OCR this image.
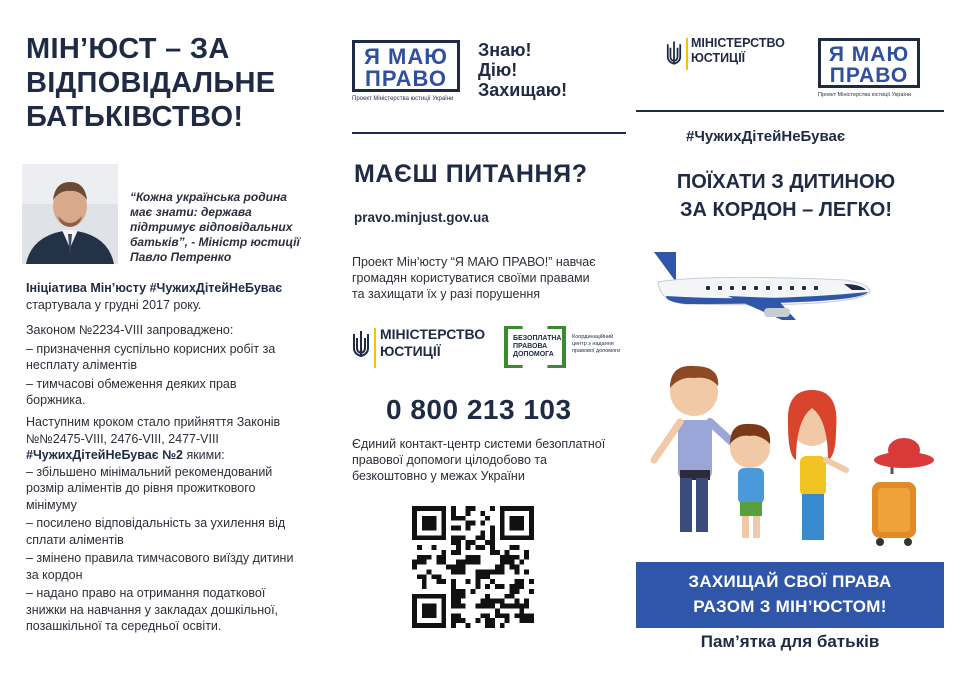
МІН’ЮСТ – ЗА
ВІДПОВІДАЛЬНЕ
БАТЬКІВСТВО!
“Кожна українська родина
має знати: держава
підтримує відповідальних
батьків”, - Міністр юстиції
Павло Петренко
Ініціатива Мін’юсту #ЧужихДітейНеБуває
стартувала у грудні 2017 року.
Законом №2234-VIII запроваджено:
– призначення суспільно корисних робіт за
несплату аліментів
– тимчасові обмеження деяких прав
боржника.
Наступним кроком стало прийняття Законів
№№2475-VIII, 2476-VIII, 2477-VIII
#ЧужихДітейНеБуває №2 якими:
– збільшено мінімальний рекомендований
розмір аліментів до рівня прожиткового
мінімуму
– посилено відповідальність за ухилення від
сплати аліментів
– змінено правила тимчасового виїзду дитини
за кордон
– надано право на отримання податкової
знижки на навчання у закладах дошкільної,
позашкільної та середньої освіти.
Я МАЮ
ПРАВО
Проект Міністерства юстиції України
Знаю!
Дію!
Захищаю!
МАЄШ ПИТАННЯ?
pravo.minjust.gov.ua
Проект Мін’юсту “Я МАЮ ПРАВО!” навчає
громадян користуватися своїми правами
та захищати їх у разі порушення
МІНІСТЕРСТВО
ЮСТИЦІЇ
БЕЗОПЛАТНА
ПРАВОВА
ДОПОМОГА
Координаційний
центр з надання
правової допомоги
0 800 213 103
Єдиний контакт-центр системи безоплатної
правової допомоги цілодобово та
безкоштовно у межах України
МІНІСТЕРСТВО
ЮСТИЦІЇ	Я МАЮ
ПРАВО
Проект Міністерства юстиції України
#ЧужихДітейНеБуває
ПОЇХАТИ З ДИТИНОЮ
ЗА КОРДОН – ЛЕГКО!
ЗАХИЩАЙ СВОЇ ПРАВА
РАЗОМ З МІН’ЮСТОМ!
Пам’ятка для батьків
